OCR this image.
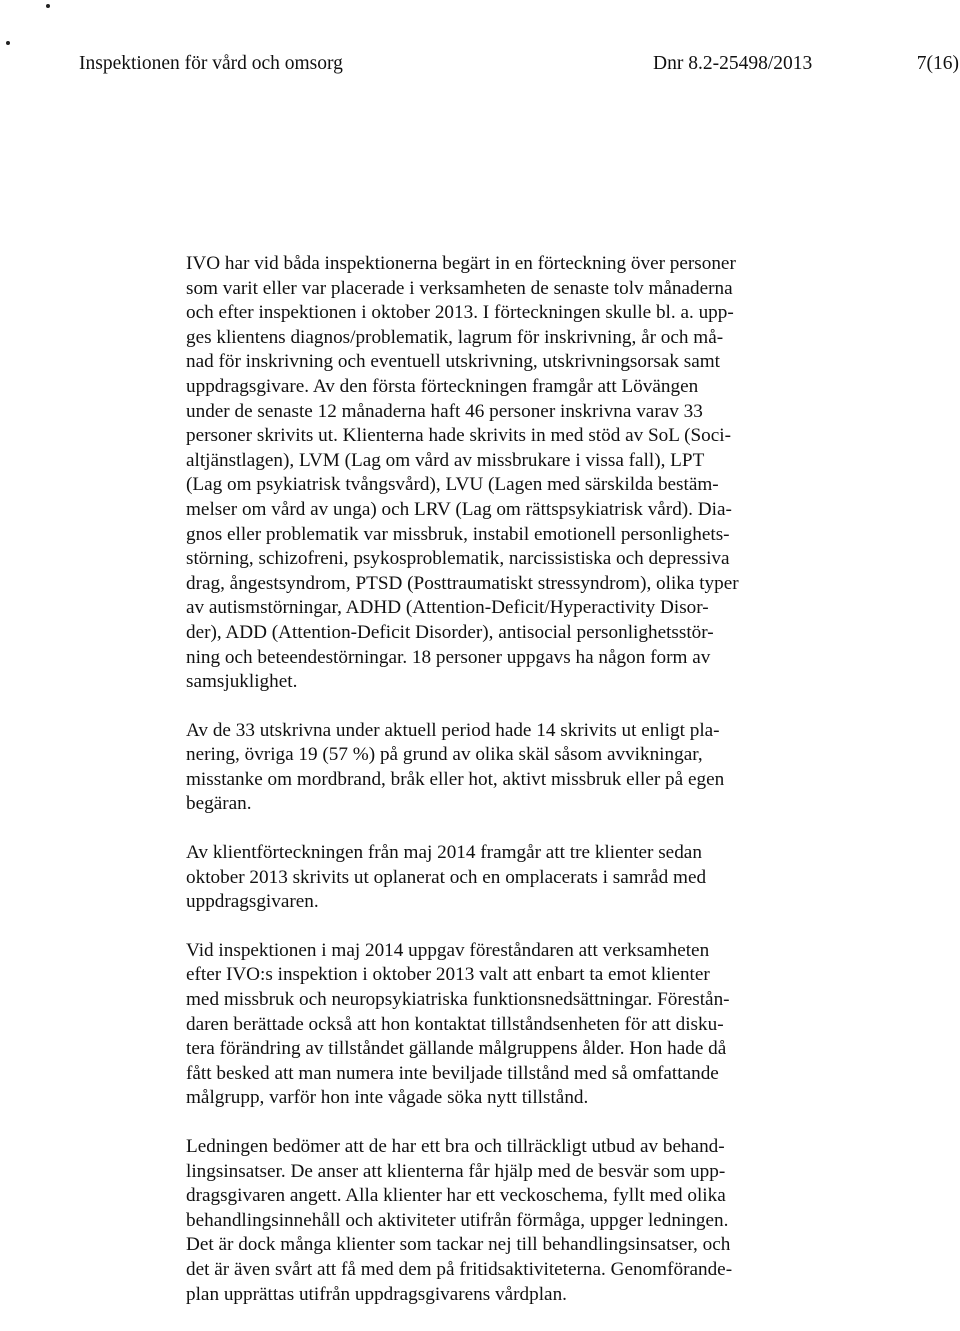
Inspektionen för vård och omsorg	Dnr 8.2-25498/2013	7(16)

IVO har vid båda inspektionerna begärt in en förteckning över personer
som varit eller var placerade i verksamheten de senaste tolv månaderna
och efter inspektionen i oktober 2013. I förteckningen skulle bl. a. upp-
ges klientens diagnos/problematik, lagrum för inskrivning, år och må-
nad för inskrivning och eventuell utskrivning, utskrivningsorsak samt
uppdragsgivare. Av den första förteckningen framgår att Lövängen
under de senaste 12 månaderna haft 46 personer inskrivna varav 33
personer skrivits ut. Klienterna hade skrivits in med stöd av SoL (Soci-
altjänstlagen), LVM (Lag om vård av missbrukare i vissa fall), LPT
(Lag om psykiatrisk tvångsvård), LVU (Lagen med särskilda bestäm-
melser om vård av unga) och LRV (Lag om rättspsykiatrisk vård). Dia-
gnos eller problematik var missbruk, instabil emotionell personlighets-
störning, schizofreni, psykosproblematik, narcissistiska och depressiva
drag, ångestsyndrom, PTSD (Posttraumatiskt stressyndrom), olika typer
av autismstörningar, ADHD (Attention-Deficit/Hyperactivity Disor-
der), ADD (Attention-Deficit Disorder), antisocial personlighetsstör-
ning och beteendestörningar. 18 personer uppgavs ha någon form av
samsjuklighet.

Av de 33 utskrivna under aktuell period hade 14 skrivits ut enligt pla-
nering, övriga 19 (57 %) på grund av olika skäl såsom avvikningar,
misstanke om mordbrand, bråk eller hot, aktivt missbruk eller på egen
begäran.

Av klientförteckningen från maj 2014 framgår att tre klienter sedan
oktober 2013 skrivits ut oplanerat och en omplacerats i samråd med
uppdragsgivaren.

Vid inspektionen i maj 2014 uppgav föreståndaren att verksamheten
efter IVO:s inspektion i oktober 2013 valt att enbart ta emot klienter
med missbruk och neuropsykiatriska funktionsnedsättningar. Förestån-
daren berättade också att hon kontaktat tillståndsenheten för att disku-
tera förändring av tillståndet gällande målgruppens ålder. Hon hade då
fått besked att man numera inte beviljade tillstånd med så omfattande
målgrupp, varför hon inte vågade söka nytt tillstånd.

Ledningen bedömer att de har ett bra och tillräckligt utbud av behand-
lingsinsatser. De anser att klienterna får hjälp med de besvär som upp-
dragsgivaren angett. Alla klienter har ett veckoschema, fyllt med olika
behandlingsinnehåll och aktiviteter utifrån förmåga, uppger ledningen.
Det är dock många klienter som tackar nej till behandlingsinsatser, och
det är även svårt att få med dem på fritidsaktiviteterna. Genomförande-
plan upprättas utifrån uppdragsgivarens vårdplan.
